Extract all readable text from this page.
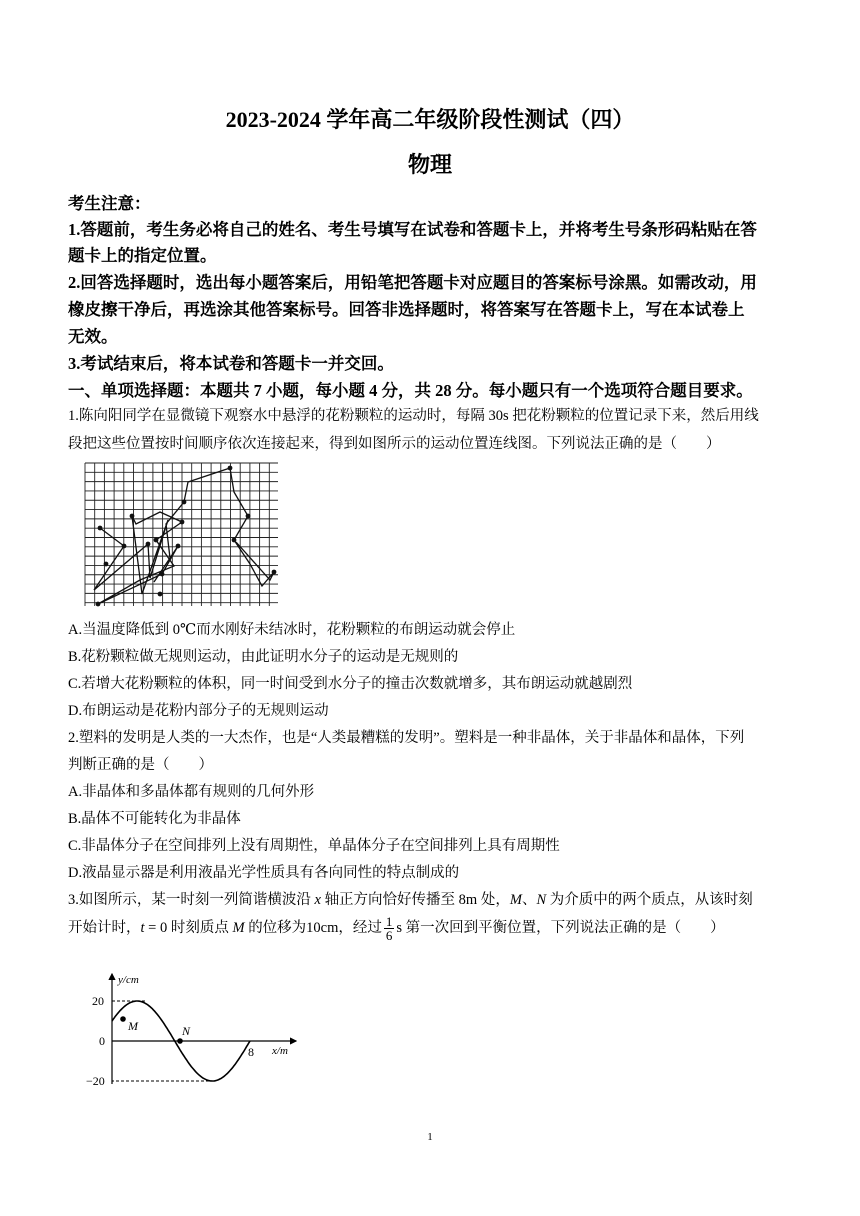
2023-2024 学年高二年级阶段性测试（四）
物理
考生注意：
1.答题前，考生务必将自己的姓名、考生号填写在试卷和答题卡上，并将考生号条形码粘贴在答
题卡上的指定位置。
2.回答选择题时，选出每小题答案后，用铅笔把答题卡对应题目的答案标号涂黑。如需改动，用
橡皮擦干净后，再选涂其他答案标号。回答非选择题时，将答案写在答题卡上，写在本试卷上
无效。
3.考试结束后，将本试卷和答题卡一并交回。
一、单项选择题：本题共 7 小题，每小题 4 分，共 28 分。每小题只有一个选项符合题目要求。
1.陈向阳同学在显微镜下观察水中悬浮的花粉颗粒的运动时，每隔 30s 把花粉颗粒的位置记录下来，然后用线
段把这些位置按时间顺序依次连接起来，得到如图所示的运动位置连线图。下列说法正确的是（　　）
A.当温度降低到 0℃而水刚好未结冰时，花粉颗粒的布朗运动就会停止
B.花粉颗粒做无规则运动，由此证明水分子的运动是无规则的
C.若增大花粉颗粒的体积，同一时间受到水分子的撞击次数就增多，其布朗运动就越剧烈
D.布朗运动是花粉内部分子的无规则运动
2.塑料的发明是人类的一大杰作，也是“人类最糟糕的发明”。塑料是一种非晶体，关于非晶体和晶体，下列
判断正确的是（　　）
A.非晶体和多晶体都有规则的几何外形
B.晶体不可能转化为非晶体
C.非晶体分子在空间排列上没有周期性，单晶体分子在空间排列上具有周期性
D.液晶显示器是利用液晶光学性质具有各向同性的特点制成的
3.如图所示，某一时刻一列简谐横波沿 x 轴正方向恰好传播至 8m 处，M、N 为介质中的两个质点，从该时刻
开始计时，t = 0 时刻质点 M 的位移为10cm，经过 $\frac{1}{6}$ s 第一次回到平衡位置，下列说法正确的是（　　）
y/cm
x/m
20
0
−20
8
M	N
1
